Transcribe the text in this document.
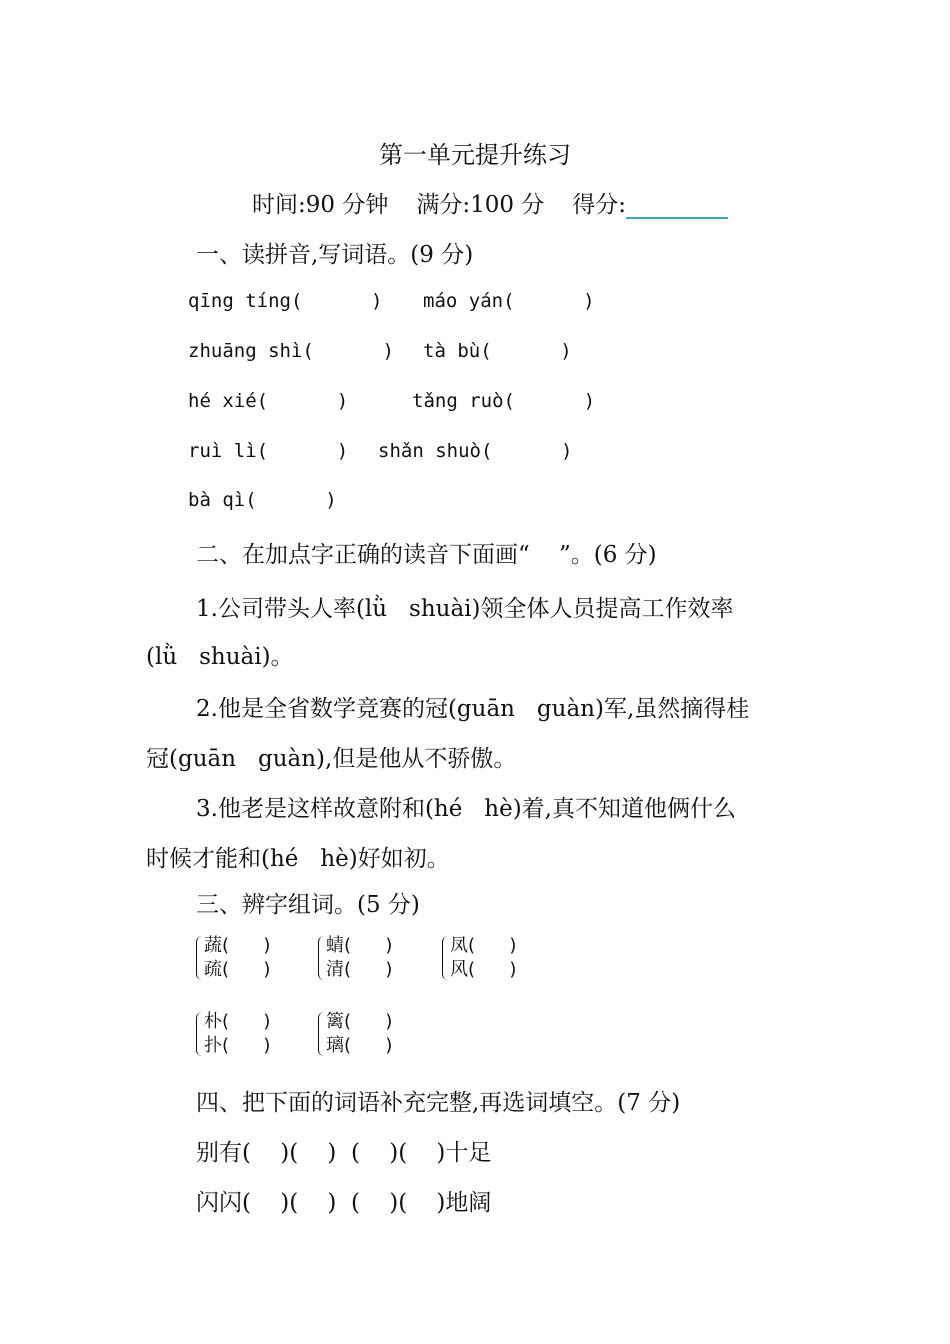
第一单元提升练习
时间:90 分钟 满分:100 分 得分:
一、读拼音,写词语。(9 分)
qīng tíng(      ) máo yán(      )
zhuāng shì(      ) tà bù(      )
hé xié(      )	tǎng ruò(      )
ruì lì(      ) shǎn shuò(      )
bà qì(      )
二、在加点字正确的读音下面画“    ”。(6 分)
1.公司带头人率(lǜ   shuài)领全体人员提高工作效率
(lǜ   shuài)。
2.他是全省数学竞赛的冠(guān   guàn)军,虽然摘得桂
冠(guān   guàn),但是他从不骄傲。
3.他老是这样故意附和(hé   hè)着,真不知道他俩什么
时候才能和(hé   hè)好如初。
三、辨字组词。(5 分)
蔬(      )
疏(      )
蜻(      )
清(      )
凤(      )
风(      )
朴(      )
扑(      )
篱(      )
璃(      )
四、把下面的词语补充完整,再选词填空。(7 分)
别有(    )(    )  (    )(    )十足
闪闪(    )(    )  (    )(    )地阔
